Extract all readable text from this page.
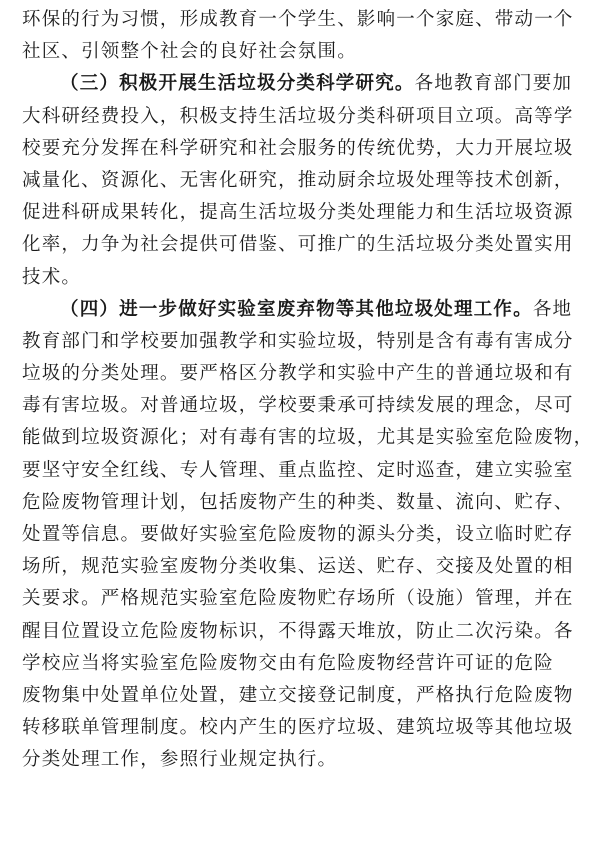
环保的行为习惯，形成教育一个学生、影响一个家庭、带动一个
社区、引领整个社会的良好社会氛围。
（三）积极开展生活垃圾分类科学研究。各地教育部门要加
大科研经费投入，积极支持生活垃圾分类科研项目立项。高等学
校要充分发挥在科学研究和社会服务的传统优势，大力开展垃圾
减量化、资源化、无害化研究，推动厨余垃圾处理等技术创新，
促进科研成果转化，提高生活垃圾分类处理能力和生活垃圾资源
化率，力争为社会提供可借鉴、可推广的生活垃圾分类处置实用
技术。
（四）进一步做好实验室废弃物等其他垃圾处理工作。各地
教育部门和学校要加强教学和实验垃圾，特别是含有毒有害成分
垃圾的分类处理。要严格区分教学和实验中产生的普通垃圾和有
毒有害垃圾。对普通垃圾，学校要秉承可持续发展的理念，尽可
能做到垃圾资源化；对有毒有害的垃圾，尤其是实验室危险废物，
要坚守安全红线、专人管理、重点监控、定时巡查，建立实验室
危险废物管理计划，包括废物产生的种类、数量、流向、贮存、
处置等信息。要做好实验室危险废物的源头分类，设立临时贮存
场所，规范实验室废物分类收集、运送、贮存、交接及处置的相
关要求。严格规范实验室危险废物贮存场所（设施）管理，并在
醒目位置设立危险废物标识，不得露天堆放，防止二次污染。各
学校应当将实验室危险废物交由有危险废物经营许可证的危险
废物集中处置单位处置，建立交接登记制度，严格执行危险废物
转移联单管理制度。校内产生的医疗垃圾、建筑垃圾等其他垃圾
分类处理工作，参照行业规定执行。
